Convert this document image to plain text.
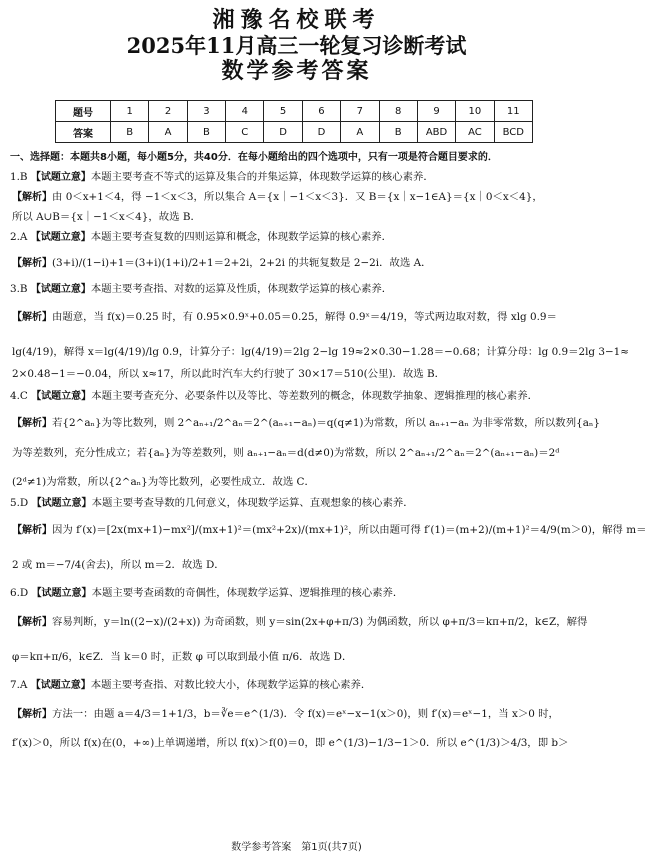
湘豫名校联考
2025年11月高三一轮复习诊断考试
数学参考答案
题号	1	2	3	4	5	6	7	8	9	10	11
答案	B	A	B	C	D	D	A	B	ABD	AC	BCD
一、选择题：本题共8小题，每小题5分，共40分．在每小题给出的四个选项中，只有一项是符合题目要求的．
1.B 【试题立意】本题主要考查不等式的运算及集合的并集运算，体现数学运算的核心素养．
【解析】由 0＜x+1＜4，得 −1＜x＜3，所以集合 A＝{x｜−1＜x＜3}．又 B＝{x｜x−1∈A}＝{x｜0＜x＜4}，
所以 A∪B＝{x｜−1＜x＜4}，故选 B．
2.A 【试题立意】本题主要考查复数的四则运算和概念，体现数学运算的核心素养．
【解析】(3+i)/(1−i)+1＝(3+i)(1+i)/2+1＝2+2i，2+2i 的共轭复数是 2−2i．故选 A．
3.B 【试题立意】本题主要考查指、对数的运算及性质，体现数学运算的核心素养．
【解析】由题意，当 f(x)＝0.25 时，有 0.95×0.9ˣ+0.05＝0.25，解得 0.9ˣ＝4/19，等式两边取对数，得 xlg 0.9＝
lg(4/19)，解得 x＝lg(4/19)/lg 0.9，计算分子：lg(4/19)＝2lg 2−lg 19≈2×0.30−1.28＝−0.68；计算分母：lg 0.9＝2lg 3−1≈
2×0.48−1＝−0.04，所以 x≈17，所以此时汽车大约行驶了 30×17＝510(公里)．故选 B．
4.C 【试题立意】本题主要考查充分、必要条件以及等比、等差数列的概念，体现数学抽象、逻辑推理的核心素养．
【解析】若{2^aₙ}为等比数列，则 2^aₙ₊₁/2^aₙ＝2^(aₙ₊₁−aₙ)＝q(q≠1)为常数，所以 aₙ₊₁−aₙ 为非零常数，所以数列{aₙ}
为等差数列，充分性成立；若{aₙ}为等差数列，则 aₙ₊₁−aₙ＝d(d≠0)为常数，所以 2^aₙ₊₁/2^aₙ＝2^(aₙ₊₁−aₙ)＝2ᵈ
(2ᵈ≠1)为常数，所以{2^aₙ}为等比数列，必要性成立．故选 C．
5.D 【试题立意】本题主要考查导数的几何意义，体现数学运算、直观想象的核心素养．
【解析】因为 f′(x)＝[2x(mx+1)−mx²]/(mx+1)²＝(mx²+2x)/(mx+1)²，所以由题可得 f′(1)＝(m+2)/(m+1)²＝4/9(m＞0)，解得 m＝
2 或 m＝−7/4(舍去)，所以 m＝2．故选 D．
6.D 【试题立意】本题主要考查函数的奇偶性，体现数学运算、逻辑推理的核心素养．
【解析】容易判断，y＝ln((2−x)/(2+x)) 为奇函数，则 y＝sin(2x+φ+π/3) 为偶函数，所以 φ+π/3＝kπ+π/2，k∈Z，解得
φ＝kπ+π/6，k∈Z．当 k＝0 时，正数 φ 可以取到最小值 π/6．故选 D．
7.A 【试题立意】本题主要考查指、对数比较大小，体现数学运算的核心素养．
【解析】方法一：由题 a＝4/3＝1+1/3，b＝∛e＝e^(1/3)．令 f(x)＝eˣ−x−1(x＞0)，则 f′(x)＝eˣ−1，当 x＞0 时，
f′(x)＞0，所以 f(x)在(0，+∞)上单调递增，所以 f(x)＞f(0)＝0，即 e^(1/3)−1/3−1＞0．所以 e^(1/3)＞4/3，即 b＞
数学参考答案　第1页(共7页)
